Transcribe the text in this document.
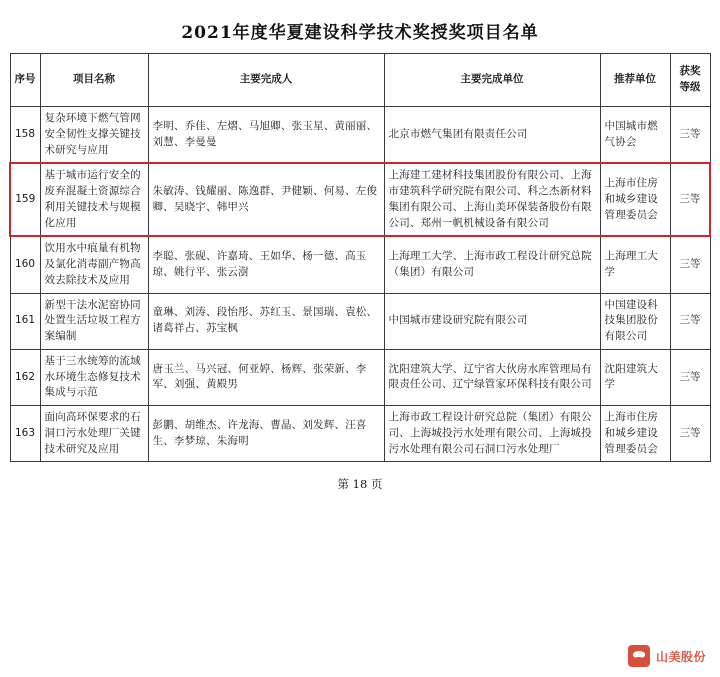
2021年度华夏建设科学技术奖授奖项目名单
序号	项目名称	主要完成人	主要完成单位	推荐单位	获奖等级
158	复杂环境下燃气管网安全韧性支撑关键技术研究与应用	李明、乔佳、左熠、马旭卿、张玉星、黄丽丽、刘慧、李曼曼	北京市燃气集团有限责任公司	中国城市燃气协会	三等
159	基于城市运行安全的废弃混凝土资源综合利用关键技术与规模化应用	朱敏涛、钱耀丽、陈逸群、尹健颖、何易、左俊卿、吴晓宇、韩甲兴	上海建工建材科技集团股份有限公司、上海市建筑科学研究院有限公司、科之杰新材料集团有限公司、上海山美环保装备股份有限公司、郑州一帆机械设备有限公司	上海市住房和城乡建设管理委员会	三等
160	饮用水中痕量有机物及氯化消毒副产物高效去除技术及应用	李聪、张砚、许嘉琦、王如华、杨一德、高玉琼、姚行平、张云澍	上海理工大学、上海市政工程设计研究总院（集团）有限公司	上海理工大学	三等
161	新型干法水泥窑协同处置生活垃圾工程方案编制	童琳、刘涛、段怡彤、苏红玉、景国瑞、袁松、诸葛祥占、苏宝枫	中国城市建设研究院有限公司	中国建设科技集团股份有限公司	三等
162	基于三水统筹的流域水环境生态修复技术集成与示范	唐玉兰、马兴冠、何亚婷、杨辉、张荣新、李军、刘强、黄殿男	沈阳建筑大学、辽宁省大伙房水库管理局有限责任公司、辽宁绿管家环保科技有限公司	沈阳建筑大学	三等
163	面向高环保要求的石洞口污水处理厂关键技术研究及应用	彭鹏、胡维杰、许龙海、曹晶、刘发辉、汪喜生、李梦琼、朱海明	上海市政工程设计研究总院（集团）有限公司、上海城投污水处理有限公司、上海城投污水处理有限公司石洞口污水处理厂	上海市住房和城乡建设管理委员会	三等
第 18 页
山美股份
